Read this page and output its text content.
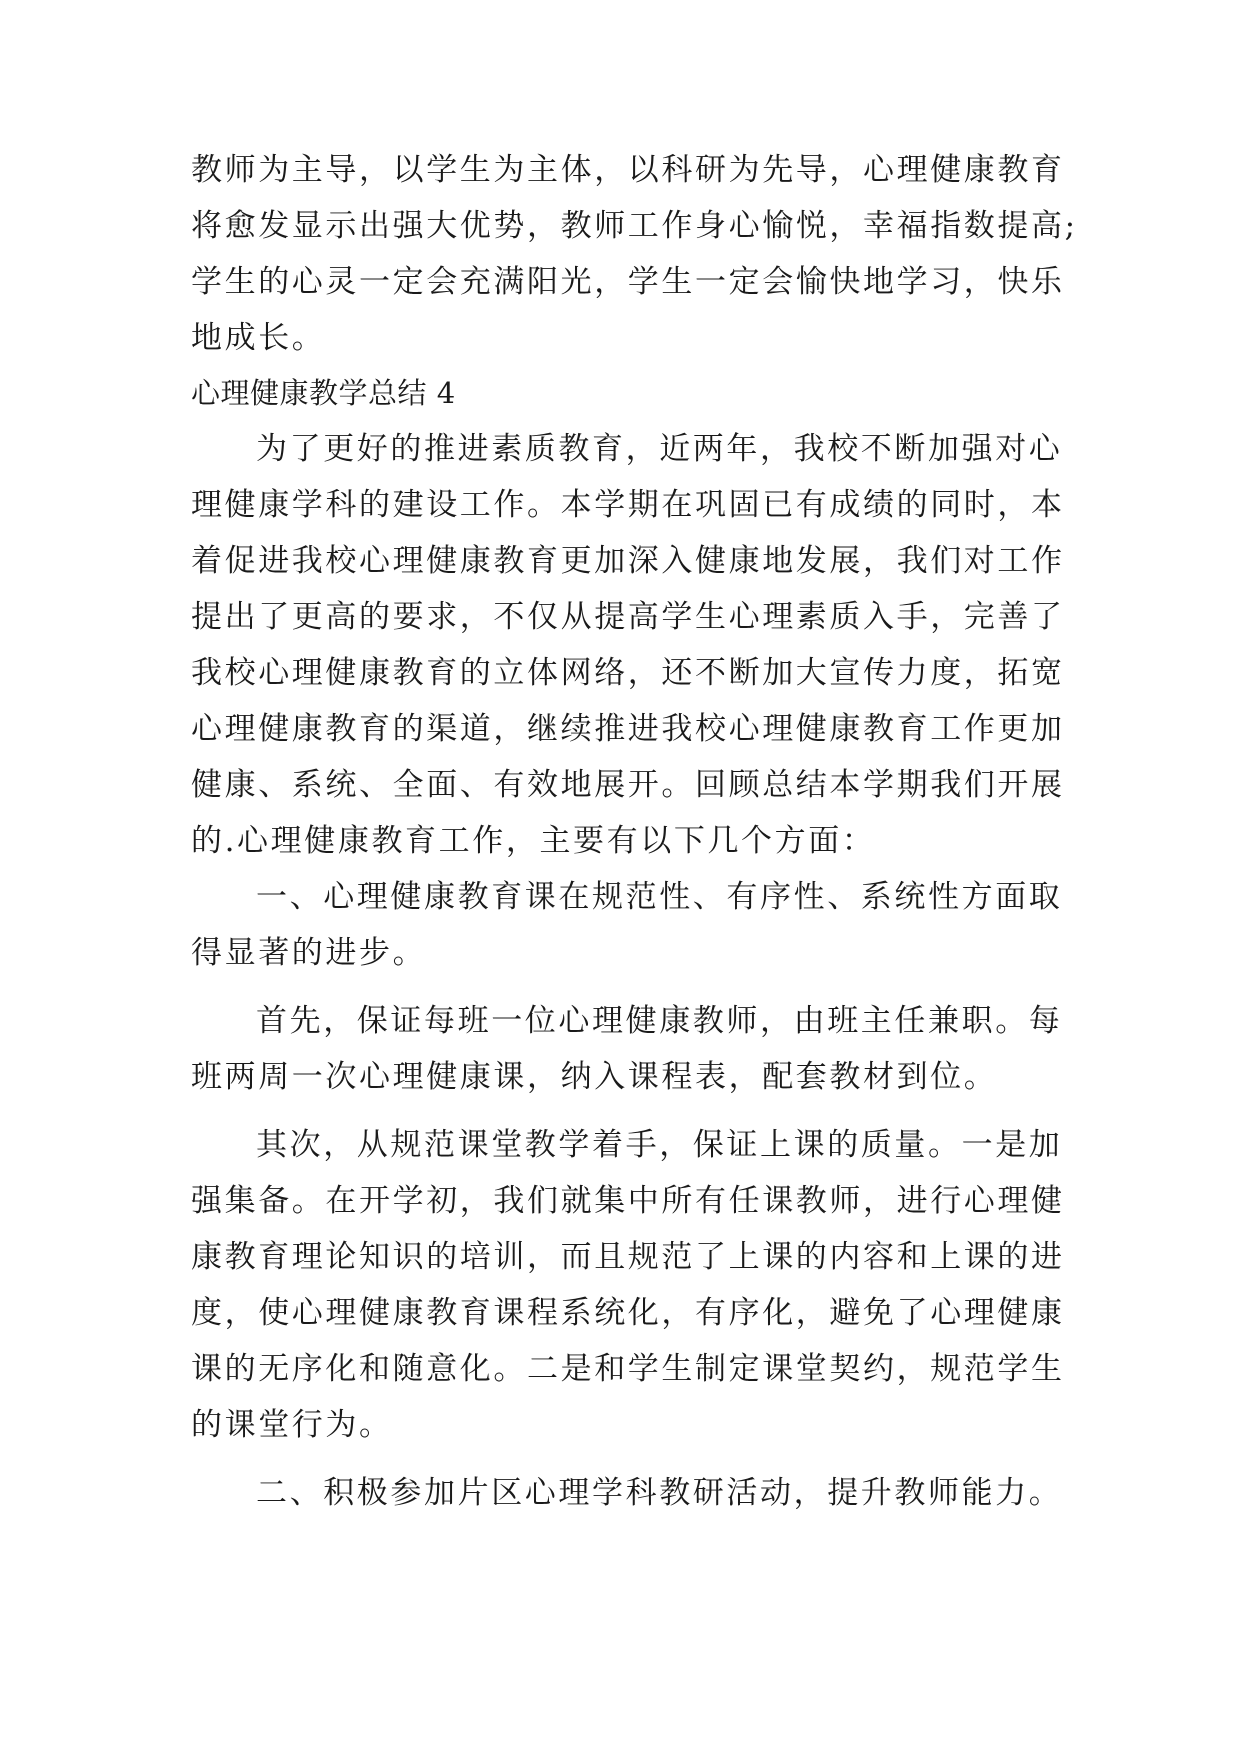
教师为主导，以学生为主体，以科研为先导，心理健康教育
将愈发显示出强大优势，教师工作身心愉悦，幸福指数提高;
学生的心灵一定会充满阳光，学生一定会愉快地学习，快乐
地成长。
心理健康教学总结 4
为了更好的推进素质教育，近两年，我校不断加强对心
理健康学科的建设工作。本学期在巩固已有成绩的同时，本
着促进我校心理健康教育更加深入健康地发展，我们对工作
提出了更高的要求，不仅从提高学生心理素质入手，完善了
我校心理健康教育的立体网络，还不断加大宣传力度，拓宽
心理健康教育的渠道，继续推进我校心理健康教育工作更加
健康、系统、全面、有效地展开。回顾总结本学期我们开展
的.心理健康教育工作，主要有以下几个方面：
一、心理健康教育课在规范性、有序性、系统性方面取
得显著的进步。
首先，保证每班一位心理健康教师，由班主任兼职。每
班两周一次心理健康课，纳入课程表，配套教材到位。
其次，从规范课堂教学着手，保证上课的质量。一是加
强集备。在开学初，我们就集中所有任课教师，进行心理健
康教育理论知识的培训，而且规范了上课的内容和上课的进
度，使心理健康教育课程系统化，有序化，避免了心理健康
课的无序化和随意化。二是和学生制定课堂契约，规范学生
的课堂行为。
二、积极参加片区心理学科教研活动，提升教师能力。
